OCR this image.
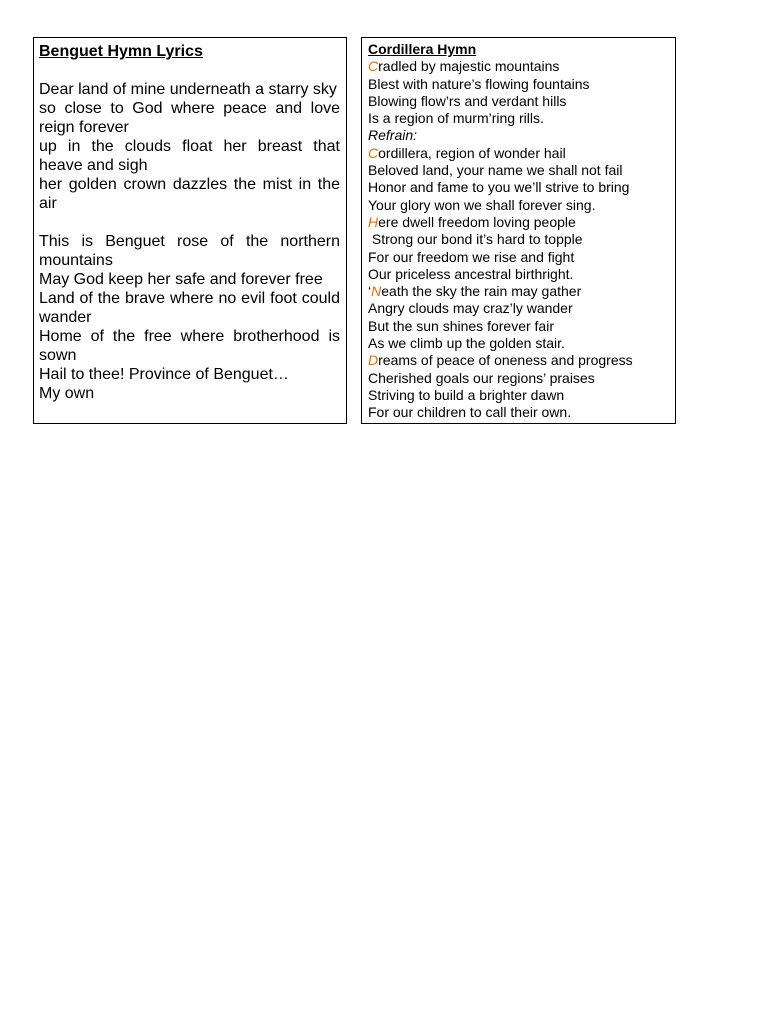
Benguet Hymn Lyrics
Dear land of mine underneath a starry sky
so close to God where peace and love reign forever
up in the clouds float her breast that heave and sigh
her golden crown dazzles the mist in the air
This is Benguet rose of the northern mountains
May God keep her safe and forever free
Land of the brave where no evil foot could wander
Home of the free where brotherhood is sown
Hail to thee! Province of Benguet…
My own
Cordillera Hymn
Cradled by majestic mountains
Blest with nature’s flowing fountains
Blowing flow’rs and verdant hills
Is a region of murm’ring rills.
Refrain:
Cordillera, region of wonder hail
Beloved land, your name we shall not fail
Honor and fame to you we’ll strive to bring
Your glory won we shall forever sing.
Here dwell freedom loving people
Strong our bond it’s hard to topple
For our freedom we rise and fight
Our priceless ancestral birthright.
‘Neath the sky the rain may gather
Angry clouds may craz’ly wander
But the sun shines forever fair
As we climb up the golden stair.
Dreams of peace of oneness and progress
Cherished goals our regions’ praises
Striving to build a brighter dawn
For our children to call their own.
